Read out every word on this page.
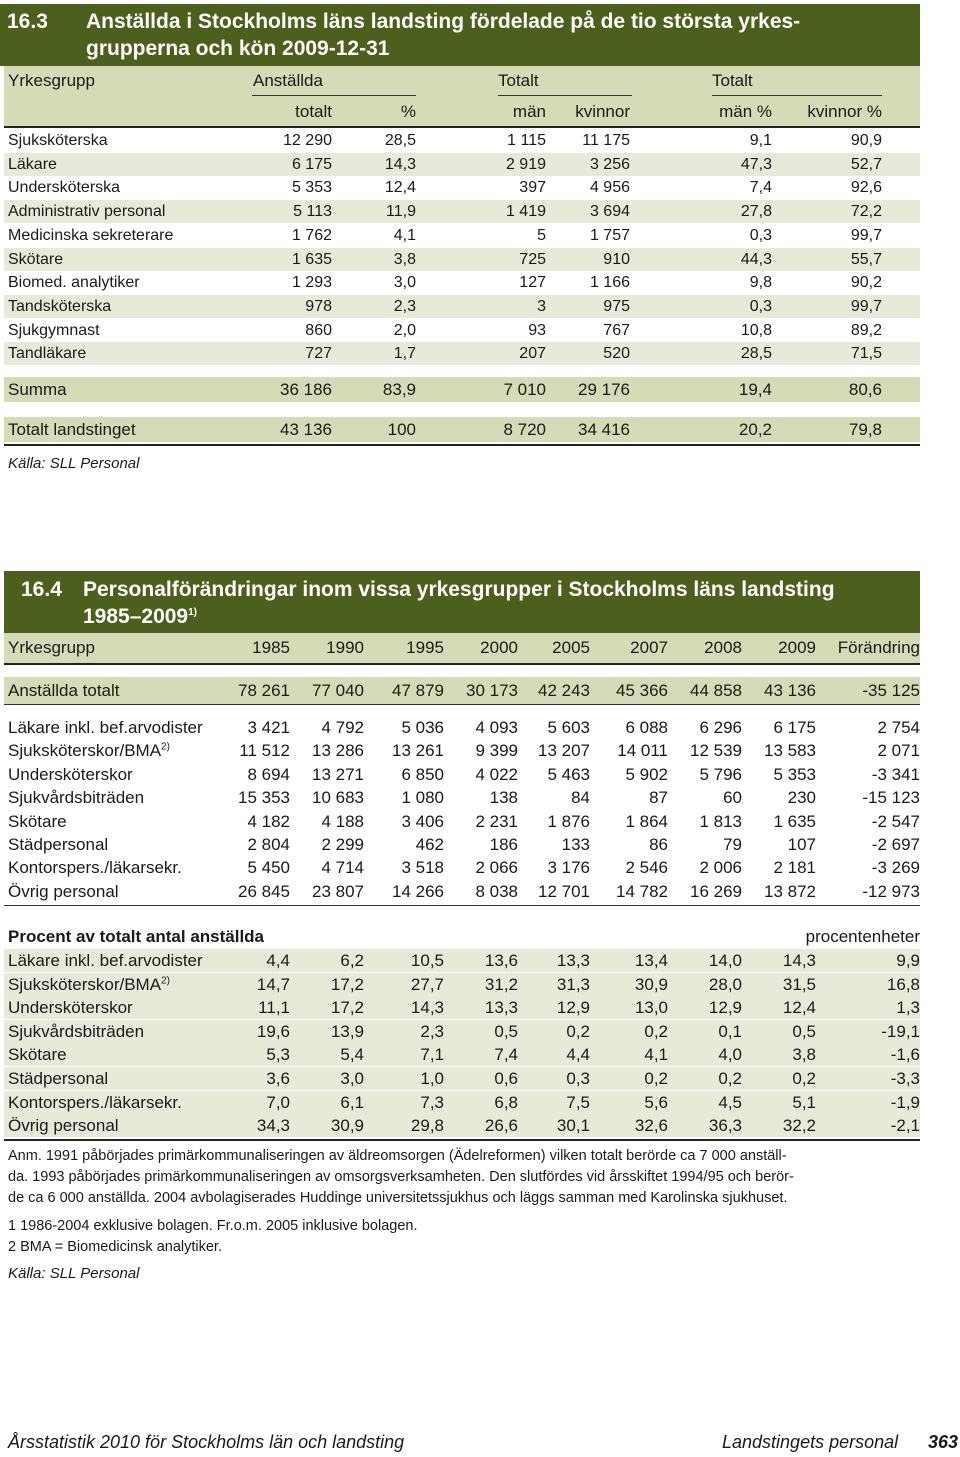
16.3 Anställda i Stockholms läns landsting fördelade på de tio största yrkes-
grupperna och kön 2009-12-31
Yrkesgrupp	Anställda	Totalt	Totalt
totalt	%	män	kvinnor	män %	kvinnor %
Sjuksköterska	12 290	28,5	1 115	11 175	9,1	90,9
Läkare	6 175	14,3	2 919	3 256	47,3	52,7
Undersköterska	5 353	12,4	397	4 956	7,4	92,6
Administrativ personal	5 113	11,9	1 419	3 694	27,8	72,2
Medicinska sekreterare	1 762	4,1	5	1 757	0,3	99,7
Skötare	1 635	3,8	725	910	44,3	55,7
Biomed. analytiker	1 293	3,0	127	1 166	9,8	90,2
Tandsköterska	978	2,3	3	975	0,3	99,7
Sjukgymnast	860	2,0	93	767	10,8	89,2
Tandläkare	727	1,7	207	520	28,5	71,5
Summa	36 186	83,9	7 010	29 176	19,4	80,6
Totalt landstinget	43 136	100	8 720	34 416	20,2	79,8
Källa: SLL Personal
16.4 Personalförändringar inom vissa yrkesgrupper i Stockholms läns landsting
1985–2009$^{1)}$
Yrkesgrupp	1985	1990	1995	2000	2005	2007	2008	2009	Förändring
Anställda totalt	78 261	77 040	47 879	30 173	42 243	45 366	44 858	43 136	-35 125
Läkare inkl. bef.arvodister	3 421	4 792	5 036	4 093	5 603	6 088	6 296	6 175	2 754
Sjuksköterskor/BMA$^{2)}$	11 512	13 286	13 261	9 399	13 207	14 011	12 539	13 583	2 071
Undersköterskor	8 694	13 271	6 850	4 022	5 463	5 902	5 796	5 353	-3 341
Sjukvårdsbiträden	15 353	10 683	1 080	138	84	87	60	230	-15 123
Skötare	4 182	4 188	3 406	2 231	1 876	1 864	1 813	1 635	-2 547
Städpersonal	2 804	2 299	462	186	133	86	79	107	-2 697
Kontorspers./läkarsekr.	5 450	4 714	3 518	2 066	3 176	2 546	2 006	2 181	-3 269
Övrig personal	26 845	23 807	14 266	8 038	12 701	14 782	16 269	13 872	-12 973
Procent av totalt antal anställda	procentenheter
Läkare inkl. bef.arvodister	4,4	6,2	10,5	13,6	13,3	13,4	14,0	14,3	9,9
Sjuksköterskor/BMA$^{2)}$	14,7	17,2	27,7	31,2	31,3	30,9	28,0	31,5	16,8
Undersköterskor	11,1	17,2	14,3	13,3	12,9	13,0	12,9	12,4	1,3
Sjukvårdsbiträden	19,6	13,9	2,3	0,5	0,2	0,2	0,1	0,5	-19,1
Skötare	5,3	5,4	7,1	7,4	4,4	4,1	4,0	3,8	-1,6
Städpersonal	3,6	3,0	1,0	0,6	0,3	0,2	0,2	0,2	-3,3
Kontorspers./läkarsekr.	7,0	6,1	7,3	6,8	7,5	5,6	4,5	5,1	-1,9
Övrig personal	34,3	30,9	29,8	26,6	30,1	32,6	36,3	32,2	-2,1
Anm. 1991 påbörjades primärkommunaliseringen av äldreomsorgen (Ädelreformen) vilken totalt berörde ca 7 000 anställ-
da. 1993 påbörjades primärkommunaliseringen av omsorgsverksamheten. Den slutfördes vid årsskiftet 1994/95 och berör-
de ca 6 000 anställda. 2004 avbolagiserades Huddinge universitetssjukhus och läggs samman med Karolinska sjukhuset.
1 1986-2004 exklusive bolagen. Fr.o.m. 2005 inklusive bolagen.
2 BMA = Biomedicinsk analytiker.
Källa: SLL Personal
Årsstatistik 2010 för Stockholms län och landsting	Landstingets personal 363
